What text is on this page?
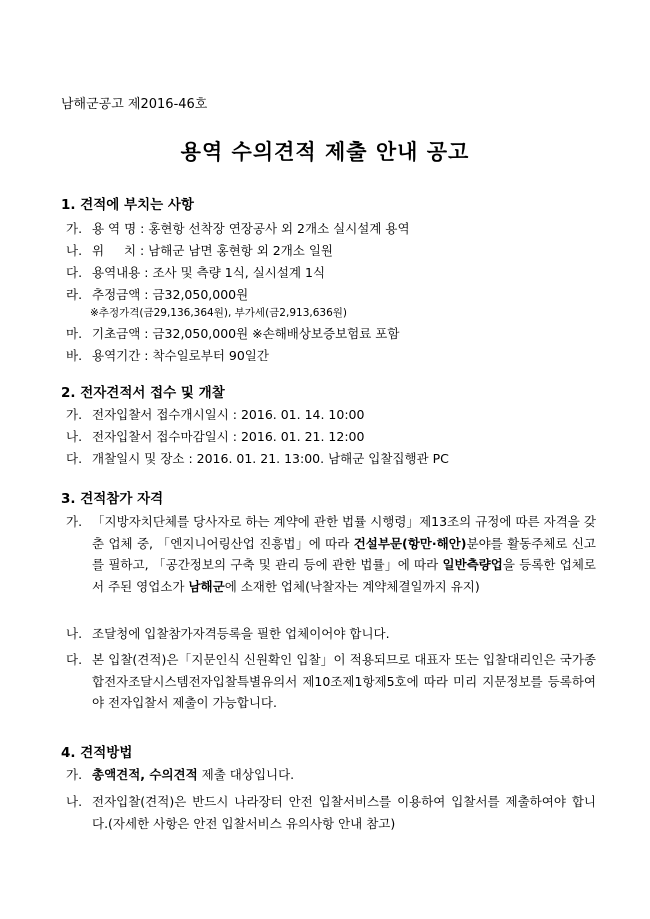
남해군공고 제2016-46호
용역 수의견적 제출 안내 공고
1. 견적에 부치는 사항
가. 용 역 명 : 홍현항 선착장 연장공사 외 2개소 실시설계 용역
나. 위     치 : 남해군 남면 홍현항 외 2개소 일원
다. 용역내용 : 조사 및 측량 1식, 실시설계 1식
라. 추정금액 : 금32,050,000원
※추정가격(금29,136,364원), 부가세(금2,913,636원)
마. 기초금액 : 금32,050,000원 ※손해배상보증보험료 포함
바. 용역기간 : 착수일로부터 90일간
2. 전자견적서 접수 및 개찰
가. 전자입찰서 접수개시일시 : 2016. 01. 14. 10:00
나. 전자입찰서 접수마감일시 : 2016. 01. 21. 12:00
다. 개찰일시 및 장소 : 2016. 01. 21. 13:00. 남해군 입찰집행관 PC
3. 견적참가 자격
가. 「지방자치단체를 당사자로 하는 계약에 관한 법률 시행령」제13조의 규정에 따른 자격을 갖춘 업체 중, 「엔지니어링산업 진흥법」에 따라 건설부문(항만·해안)분야를 활동주체로 신고를 필하고, 「공간정보의 구축 및 관리 등에 관한 법률」에 따라 일반측량업을 등록한 업체로서 주된 영업소가 남해군에 소재한 업체(낙찰자는 계약체결일까지 유지)
나. 조달청에 입찰참가자격등록을 필한 업체이어야 합니다.
다. 본 입찰(견적)은「지문인식 신원확인 입찰」이 적용되므로 대표자 또는 입찰대리인은 국가종합전자조달시스템전자입찰특별유의서 제10조제1항제5호에 따라 미리 지문정보를 등록하여야 전자입찰서 제출이 가능합니다.
4. 견적방법
가. 총액견적, 수의견적 제출 대상입니다.
나. 전자입찰(견적)은 반드시 나라장터 안전 입찰서비스를 이용하여 입찰서를 제출하여야 합니다.(자세한 사항은 안전 입찰서비스 유의사항 안내 참고)
